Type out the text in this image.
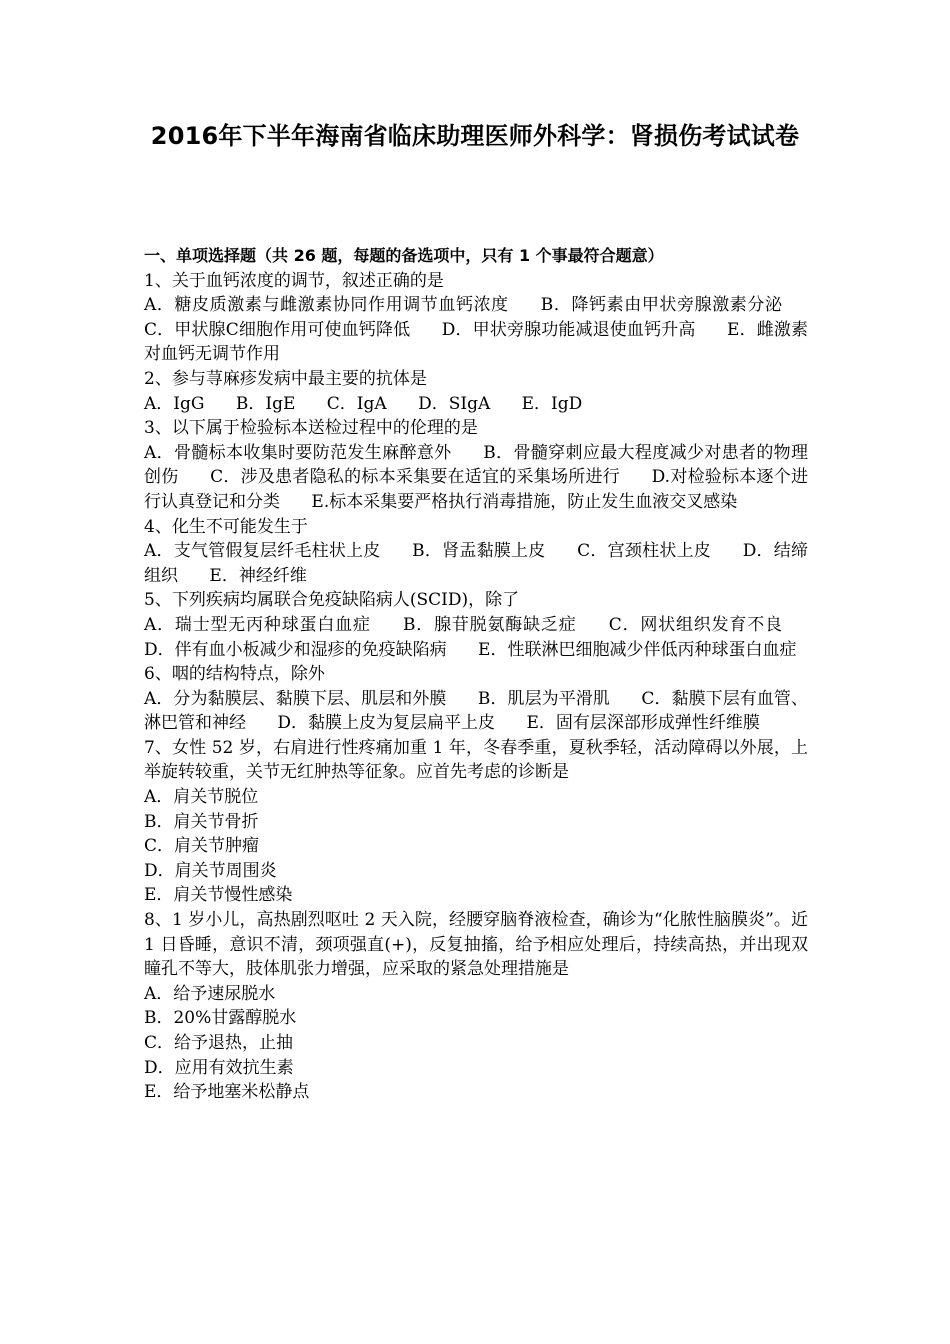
2016年下半年海南省临床助理医师外科学：肾损伤考试试卷
一、单项选择题（共 26 题，每题的备选项中，只有 1 个事最符合题意）
1、关于血钙浓度的调节，叙述正确的是
A．糖皮质激素与雌激素协同作用调节血钙浓度 B．降钙素由甲状旁腺激素分泌 C．甲状腺C细胞作用可使血钙降低 D．甲状旁腺功能减退使血钙升高 E．雌激素对血钙无调节作用
2、参与荨麻疹发病中最主要的抗体是
A．IgG B．IgE C．IgA D．SIgA E．IgD
3、以下属于检验标本送检过程中的伦理的是
A．骨髓标本收集时要防范发生麻醉意外 B．骨髓穿刺应最大程度减少对患者的物理创伤 C．涉及患者隐私的标本采集要在适宜的采集场所进行 D.对检验标本逐个进行认真登记和分类 E.标本采集要严格执行消毒措施，防止发生血液交叉感染
4、化生不可能发生于
A．支气管假复层纤毛柱状上皮 B．肾盂黏膜上皮 C．宫颈柱状上皮 D．结缔组织 E．神经纤维
5、下列疾病均属联合免疫缺陷病人(SCID)，除了
A．瑞士型无丙种球蛋白血症 B．腺苷脱氨酶缺乏症 C．网状组织发育不良 D．伴有血小板减少和湿疹的免疫缺陷病 E．性联淋巴细胞减少伴低丙种球蛋白血症
6、咽的结构特点，除外
A．分为黏膜层、黏膜下层、肌层和外膜 B．肌层为平滑肌 C．黏膜下层有血管、淋巴管和神经 D．黏膜上皮为复层扁平上皮 E．固有层深部形成弹性纤维膜
7、女性 52 岁，右肩进行性疼痛加重 1 年，冬春季重，夏秋季轻，活动障碍以外展，上举旋转较重，关节无红肿热等征象。应首先考虑的诊断是
A．肩关节脱位
B．肩关节骨折
C．肩关节肿瘤
D．肩关节周围炎
E．肩关节慢性感染
8、1 岁小儿，高热剧烈呕吐 2 天入院，经腰穿脑脊液检查，确诊为“化脓性脑膜炎”。近 1 日昏睡，意识不清，颈项强直(+)，反复抽搐，给予相应处理后，持续高热，并出现双瞳孔不等大，肢体肌张力增强，应采取的紧急处理措施是
A．给予速尿脱水
B．20%甘露醇脱水
C．给予退热，止抽
D．应用有效抗生素
E．给予地塞米松静点
